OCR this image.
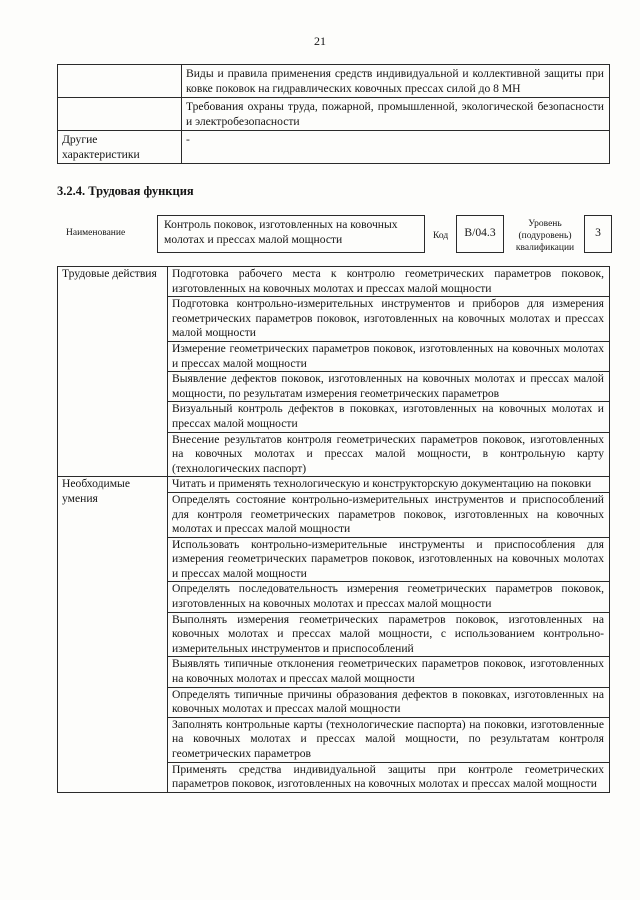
21
	Виды и правила применения средств индивидуальной и коллективной защиты при ковке поковок на гидравлических ковочных прессах силой до 8 МН
	Требования охраны труда, пожарной, промышленной, экологической безопасности и электробезопасности
Другие характеристики	-
3.2.4. Трудовая функция
Наименование
Контроль поковок, изготовленных на ковочных молотах и прессах малой мощности	Код	B/04.3
Уровень (подуровень) квалификации
3
Трудовые действия	Подготовка рабочего места к контролю геометрических параметров поковок, изготовленных на ковочных молотах и прессах малой мощности
	Подготовка контрольно-измерительных инструментов и приборов для измерения геометрических параметров поковок, изготовленных на ковочных молотах и прессах малой мощности
	Измерение геометрических параметров поковок, изготовленных на ковочных молотах и прессах малой мощности
	Выявление дефектов поковок, изготовленных на ковочных молотах и прессах малой мощности, по результатам измерения геометрических параметров
	Визуальный контроль дефектов в поковках, изготовленных на ковочных молотах и прессах малой мощности
	Внесение результатов контроля геометрических параметров поковок, изготовленных на ковочных молотах и прессах малой мощности, в контрольную карту (технологических паспорт)
Необходимые умения	Читать и применять технологическую и конструкторскую документацию на поковки
	Определять состояние контрольно-измерительных инструментов и приспособлений для контроля геометрических параметров поковок, изготовленных на ковочных молотах и прессах малой мощности
	Использовать контрольно-измерительные инструменты и приспособления для измерения геометрических параметров поковок, изготовленных на ковочных молотах и прессах малой мощности
	Определять последовательность измерения геометрических параметров поковок, изготовленных на ковочных молотах и прессах малой мощности
	Выполнять измерения геометрических параметров поковок, изготовленных на ковочных молотах и прессах малой мощности, с использованием контрольно-измерительных инструментов и приспособлений
	Выявлять типичные отклонения геометрических параметров поковок, изготовленных на ковочных молотах и прессах малой мощности
	Определять типичные причины образования дефектов в поковках, изготовленных на ковочных молотах и прессах малой мощности
	Заполнять контрольные карты (технологические паспорта) на поковки, изготовленные на ковочных молотах и прессах малой мощности, по результатам контроля геометрических параметров
	Применять средства индивидуальной защиты при контроле геометрических параметров поковок, изготовленных на ковочных молотах и прессах малой мощности
